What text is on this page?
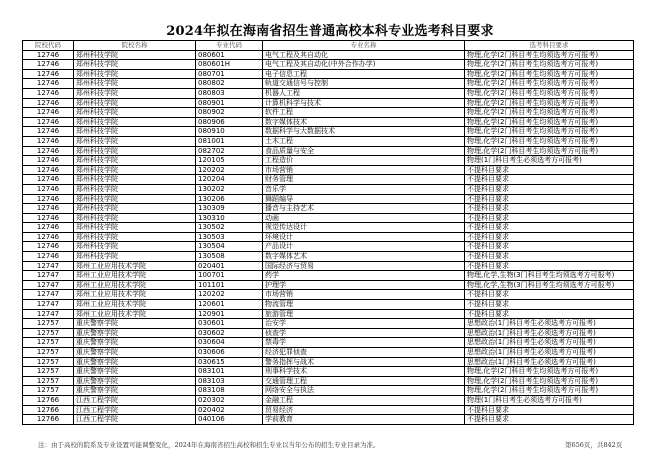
2024年拟在海南省招生普通高校本科专业选考科目要求
院校代码	院校名称	专业代码	专业名称	选考科目要求
12746	郑州科技学院	080601	电气工程及其自动化	物理,化学(2门科目考生均须选考方可报考)
12746	郑州科技学院	080601H	电气工程及其自动化(中外合作办学)	物理,化学(2门科目考生均须选考方可报考)
12746	郑州科技学院	080701	电子信息工程	物理,化学(2门科目考生均须选考方可报考)
12746	郑州科技学院	080802	轨道交通信号与控制	物理,化学(2门科目考生均须选考方可报考)
12746	郑州科技学院	080803	机器人工程	物理,化学(2门科目考生均须选考方可报考)
12746	郑州科技学院	080901	计算机科学与技术	物理,化学(2门科目考生均须选考方可报考)
12746	郑州科技学院	080902	软件工程	物理,化学(2门科目考生均须选考方可报考)
12746	郑州科技学院	080906	数字媒体技术	物理,化学(2门科目考生均须选考方可报考)
12746	郑州科技学院	080910	数据科学与大数据技术	物理,化学(2门科目考生均须选考方可报考)
12746	郑州科技学院	081001	土木工程	物理,化学(2门科目考生均须选考方可报考)
12746	郑州科技学院	082702	食品质量与安全	物理,化学(2门科目考生均须选考方可报考)
12746	郑州科技学院	120105	工程造价	物理(1门科目考生必须选考方可报考)
12746	郑州科技学院	120202	市场营销	不提科目要求
12746	郑州科技学院	120204	财务管理	不提科目要求
12746	郑州科技学院	130202	音乐学	不提科目要求
12746	郑州科技学院	130206	舞蹈编导	不提科目要求
12746	郑州科技学院	130309	播音与主持艺术	不提科目要求
12746	郑州科技学院	130310	动画	不提科目要求
12746	郑州科技学院	130502	视觉传达设计	不提科目要求
12746	郑州科技学院	130503	环境设计	不提科目要求
12746	郑州科技学院	130504	产品设计	不提科目要求
12746	郑州科技学院	130508	数字媒体艺术	不提科目要求
12747	郑州工业应用技术学院	020401	国际经济与贸易	不提科目要求
12747	郑州工业应用技术学院	100701	药学	物理,化学,生物(3门科目考生均须选考方可报考)
12747	郑州工业应用技术学院	101101	护理学	物理,化学,生物(3门科目考生均须选考方可报考)
12747	郑州工业应用技术学院	120202	市场营销	不提科目要求
12747	郑州工业应用技术学院	120601	物流管理	不提科目要求
12747	郑州工业应用技术学院	120901	旅游管理	不提科目要求
12757	重庆警察学院	030601	治安学	思想政治(1门科目考生必须选考方可报考)
12757	重庆警察学院	030602	侦查学	思想政治(1门科目考生必须选考方可报考)
12757	重庆警察学院	030604	禁毒学	思想政治(1门科目考生必须选考方可报考)
12757	重庆警察学院	030606	经济犯罪侦查	思想政治(1门科目考生必须选考方可报考)
12757	重庆警察学院	030615	警务指挥与战术	思想政治(1门科目考生必须选考方可报考)
12757	重庆警察学院	083101	刑事科学技术	物理,化学(2门科目考生均须选考方可报考)
12757	重庆警察学院	083103	交通管理工程	物理,化学(2门科目考生均须选考方可报考)
12757	重庆警察学院	083108	网络安全与执法	物理,化学(2门科目考生均须选考方可报考)
12766	江西工程学院	020302	金融工程	物理(1门科目考生必须选考方可报考)
12766	江西工程学院	020402	贸易经济	不提科目要求
12766	江西工程学院	040106	学前教育	不提科目要求
注：由于高校的院系及专业设置可能调整变化，2024年在海南省招生高校和招生专业以当年公布的招生专业目录为准。	第656页，共842页
